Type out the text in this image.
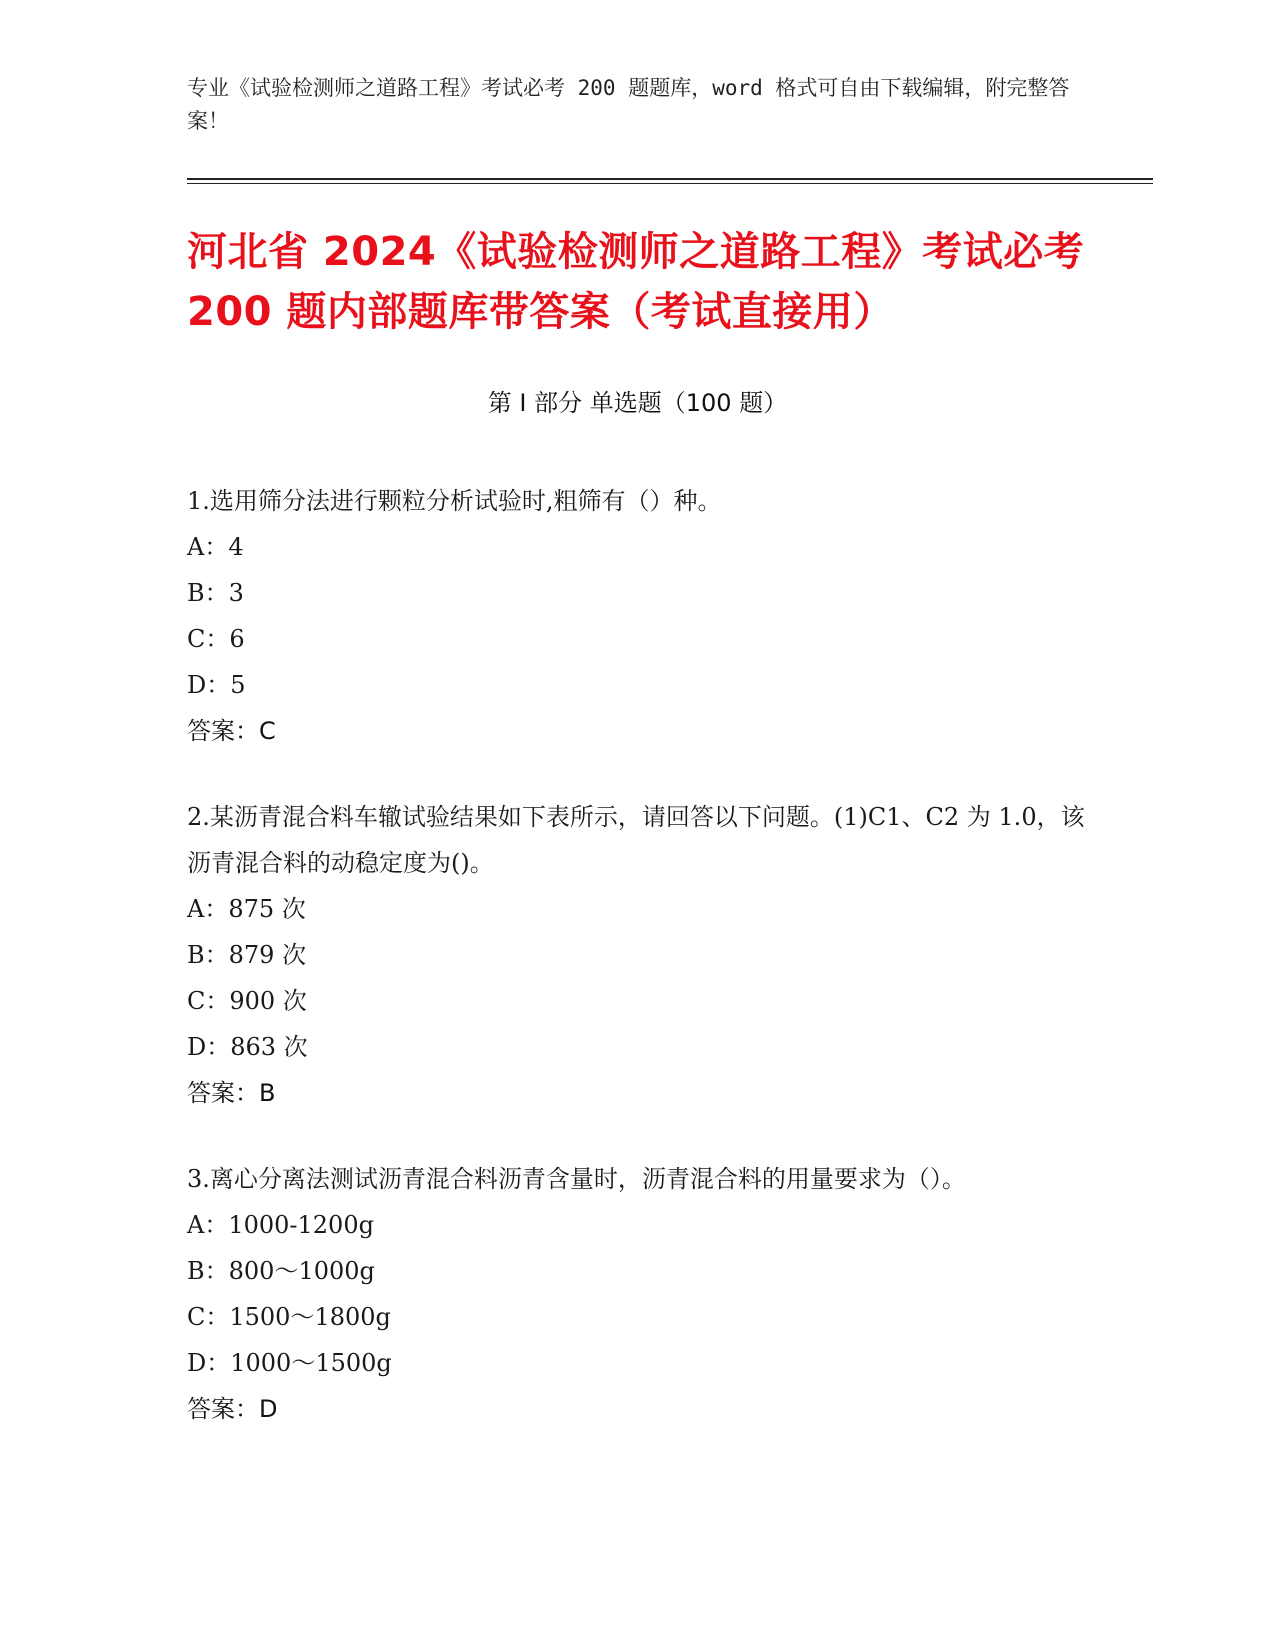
专业《试验检测师之道路工程》考试必考 200 题题库，word 格式可自由下载编辑，附完整答案！
河北省 2024《试验检测师之道路工程》考试必考 200 题内部题库带答案（考试直接用）
第 I 部分 单选题（100 题）
1.选用筛分法进行颗粒分析试验时,粗筛有（）种。
A：4
B：3
C：6
D：5
答案：C
2.某沥青混合料车辙试验结果如下表所示，请回答以下问题。(1)C1、C2 为 1.0，该沥青混合料的动稳定度为()。
A：875 次
B：879 次
C：900 次
D：863 次
答案：B
3.离心分离法测试沥青混合料沥青含量时，沥青混合料的用量要求为（）。
A：1000-1200g
B：800～1000g
C：1500～1800g
D：1000～1500g
答案：D
